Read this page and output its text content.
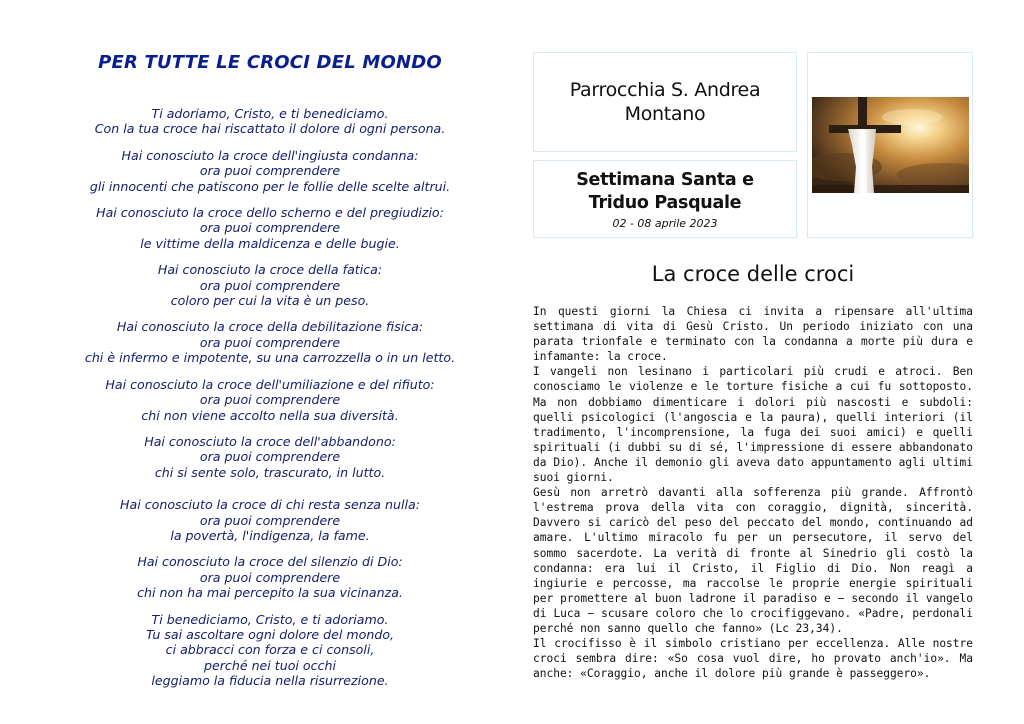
PER TUTTE LE CROCI DEL MONDO
Ti adoriamo, Cristo, e ti benediciamo.
Con la tua croce hai riscattato il dolore di ogni persona.
Hai conosciuto la croce dell'ingiusta condanna:
ora puoi comprendere
gli innocenti che patiscono per le follie delle scelte altrui.
Hai conosciuto la croce dello scherno e del pregiudizio:
ora puoi comprendere
le vittime della maldicenza e delle bugie.
Hai conosciuto la croce della fatica:
ora puoi comprendere
coloro per cui la vita è un peso.
Hai conosciuto la croce della debilitazione fisica:
ora puoi comprendere
chi è infermo e impotente, su una carrozzella o in un letto.
Hai conosciuto la croce dell'umiliazione e del rifiuto:
ora puoi comprendere
chi non viene accolto nella sua diversità.
Hai conosciuto la croce dell'abbandono:
ora puoi comprendere
chi si sente solo, trascurato, in lutto.
Hai conosciuto la croce di chi resta senza nulla:
ora puoi comprendere
la povertà, l'indigenza, la fame.
Hai conosciuto la croce del silenzio di Dio:
ora puoi comprendere
chi non ha mai percepito la sua vicinanza.
Ti benediciamo, Cristo, e ti adoriamo.
Tu sai ascoltare ogni dolore del mondo,
ci abbracci con forza e ci consoli,
perché nei tuoi occhi
leggiamo la fiducia nella risurrezione.
Parrocchia S. Andrea
Montano
Settimana Santa e
Triduo Pasquale
02 - 08 aprile 2023
La croce delle croci

In questi giorni la Chiesa ci invita a ripensare all'ultima settimana di vita di Gesù Cristo. Un periodo iniziato con una parata trionfale e terminato con la condanna a morte più dura e infamante: la croce.

I vangeli non lesinano i particolari più crudi e atroci. Ben conosciamo le violenze e le torture fisiche a cui fu sottoposto. Ma non dobbiamo dimenticare i dolori più nascosti e subdoli: quelli psicologici (l'angoscia e la paura), quelli interiori (il tradimento, l'incomprensione, la fuga dei suoi amici) e quelli spirituali (i dubbi su di sé, l'impressione di essere abbandonato da Dio). Anche il demonio gli aveva dato appuntamento agli ultimi suoi giorni.

Gesù non arretrò davanti alla sofferenza più grande. Affrontò l'estrema prova della vita con coraggio, dignità, sincerità. Davvero si caricò del peso del peccato del mondo, continuando ad amare. L'ultimo miracolo fu per un persecutore, il servo del sommo sacerdote. La verità di fronte al Sinedrio gli costò la condanna: era lui il Cristo, il Figlio di Dio. Non reagì a ingiurie e percosse, ma raccolse le proprie energie spirituali per promettere al buon ladrone il paradiso e − secondo il vangelo di Luca − scusare coloro che lo crocifiggevano. «Padre, perdonali perché non sanno quello che fanno» (Lc 23,34).

Il crocifisso è il simbolo cristiano per eccellenza. Alle nostre croci sembra dire: «So cosa vuol dire, ho provato anch'io». Ma anche: «Coraggio, anche il dolore più grande è passeggero».
